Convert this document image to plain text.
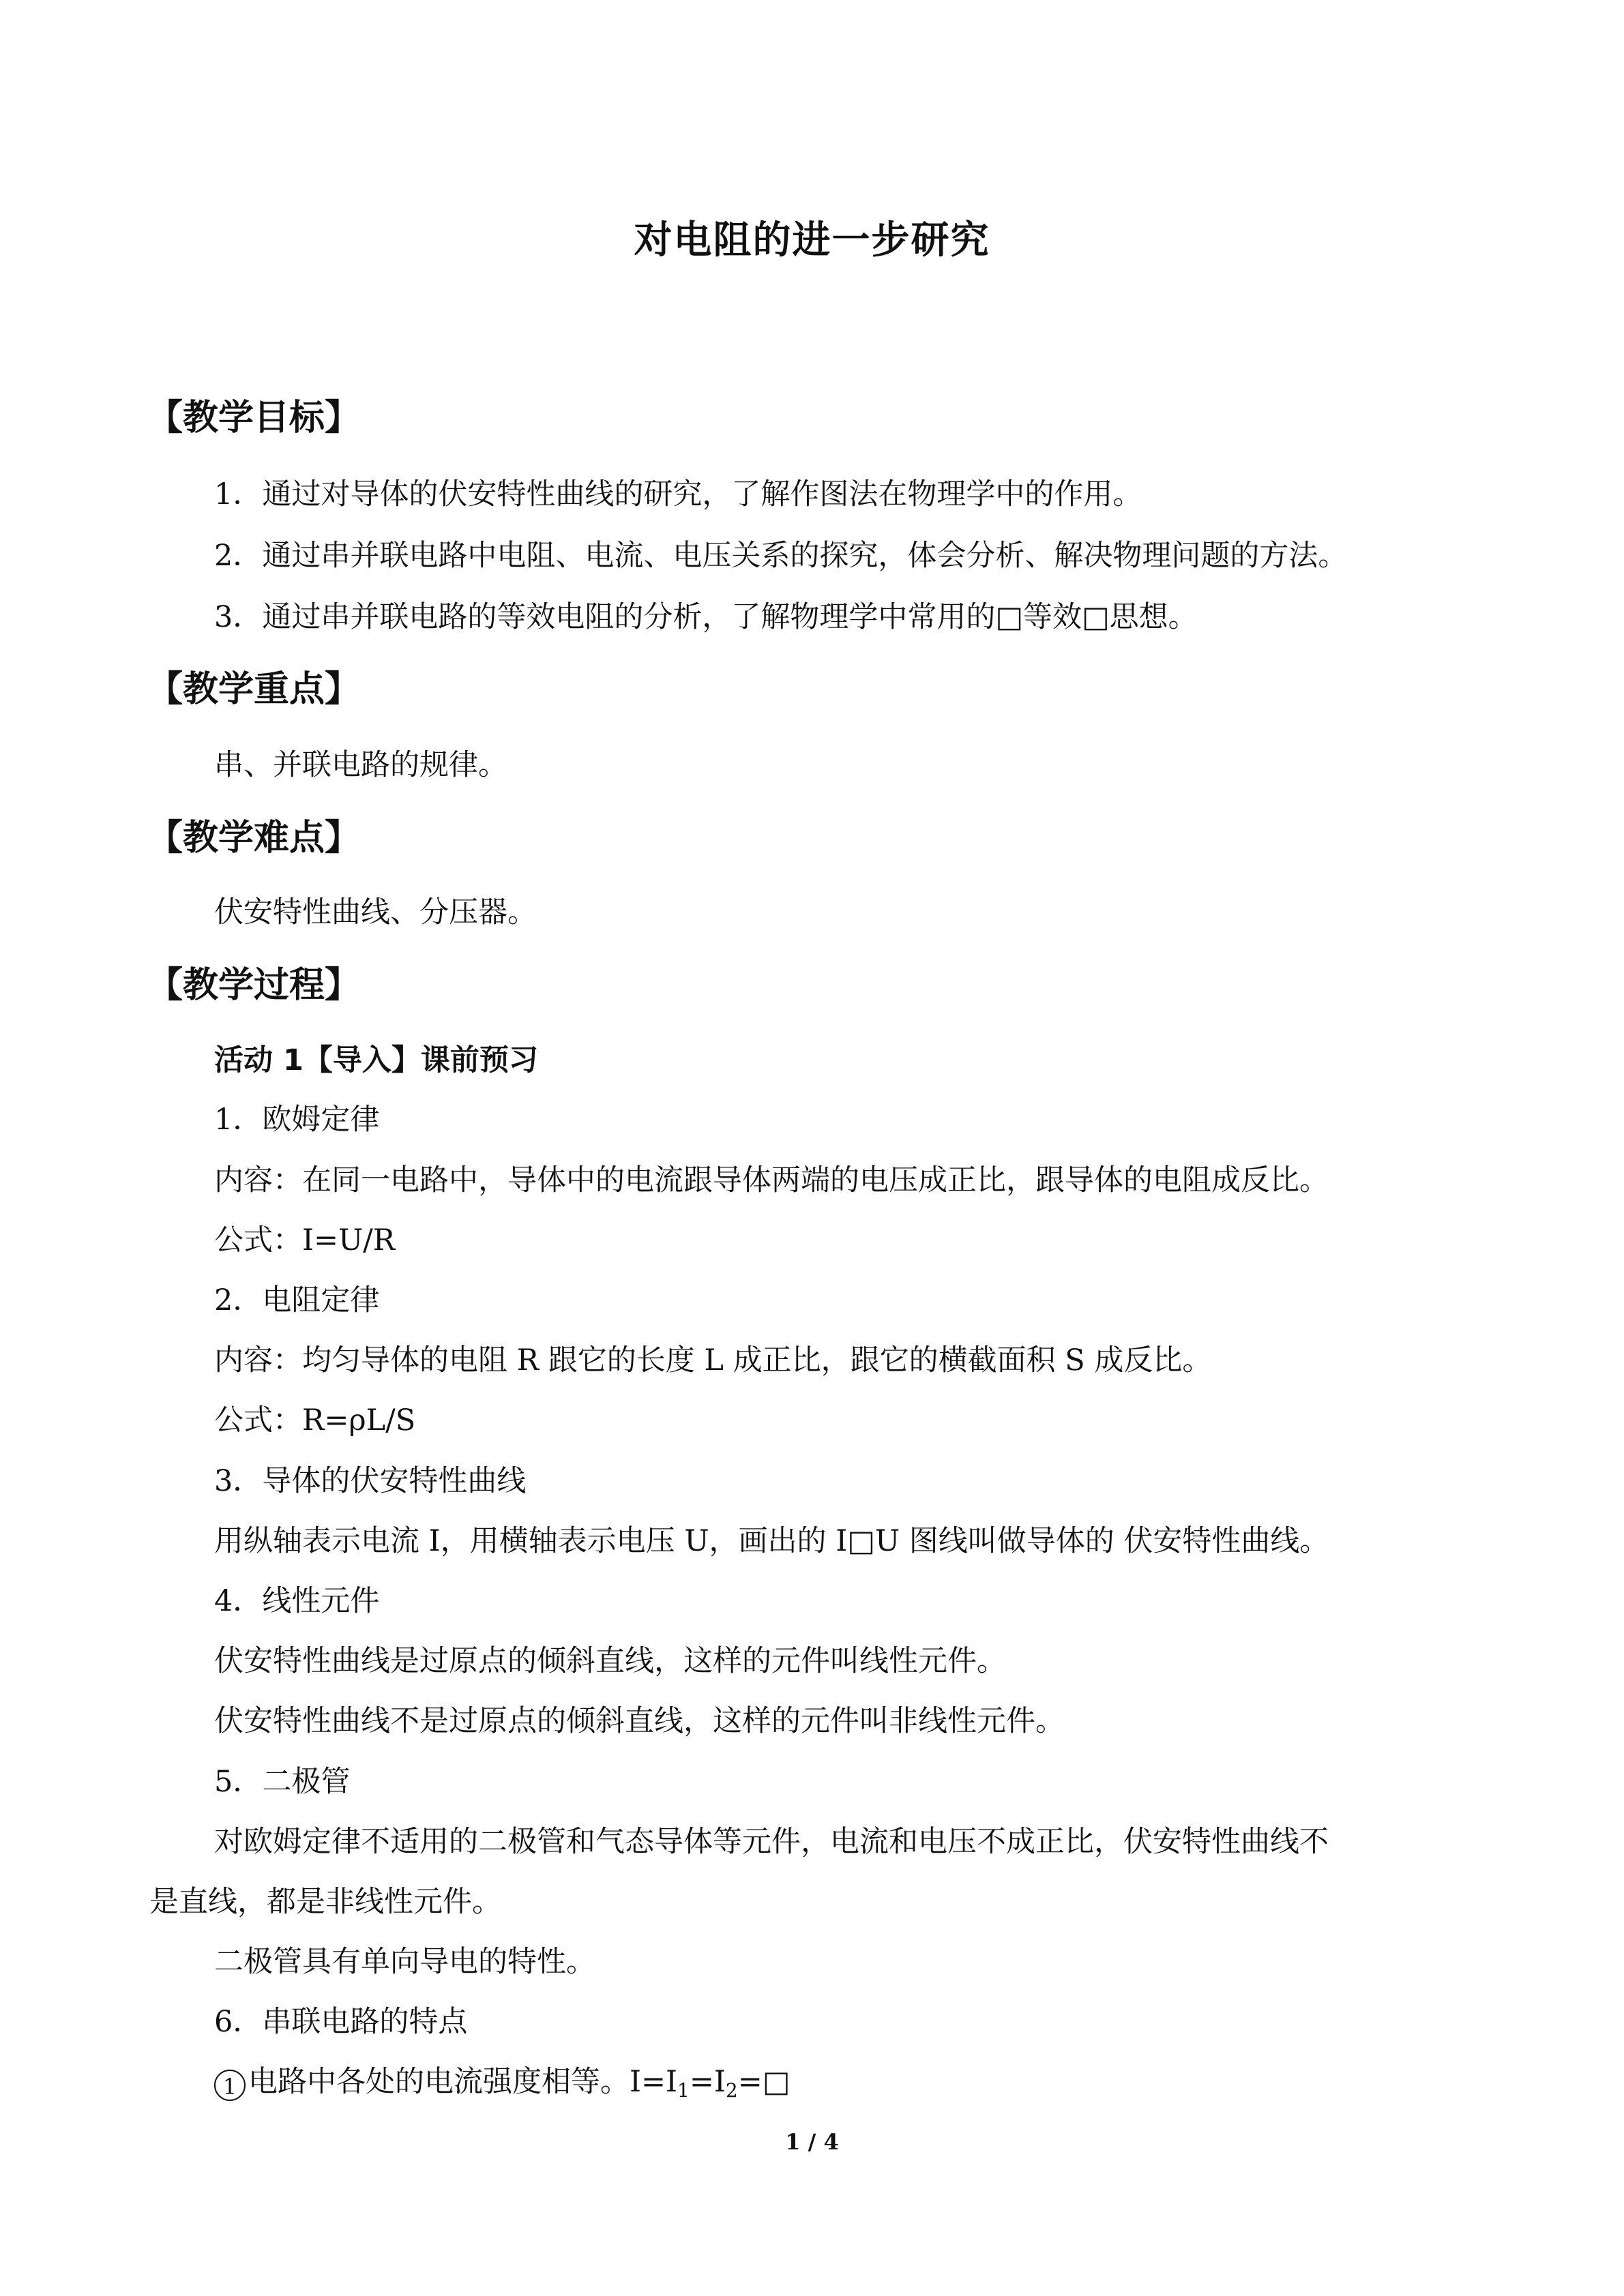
对电阻的进一步研究
【教学目标】
1．通过对导体的伏安特性曲线的研究，了解作图法在物理学中的作用。
2．通过串并联电路中电阻、电流、电压关系的探究，体会分析、解决物理问题的方法。
3．通过串并联电路的等效电阻的分析，了解物理学中常用的□等效□思想。
【教学重点】
串、并联电路的规律。
【教学难点】
伏安特性曲线、分压器。
【教学过程】
活动 1【导入】课前预习
1．欧姆定律
内容：在同一电路中，导体中的电流跟导体两端的电压成正比，跟导体的电阻成反比。
公式：I=U/R
2．电阻定律
内容：均匀导体的电阻 R 跟它的长度 L 成正比，跟它的横截面积 S 成反比。
公式：R=ρL/S
3．导体的伏安特性曲线
用纵轴表示电流 I，用横轴表示电压 U，画出的 I□U 图线叫做导体的 伏安特性曲线。
4．线性元件
伏安特性曲线是过原点的倾斜直线，这样的元件叫线性元件。
伏安特性曲线不是过原点的倾斜直线，这样的元件叫非线性元件。
5．二极管
对欧姆定律不适用的二极管和气态导体等元件，电流和电压不成正比，伏安特性曲线不
是直线，都是非线性元件。
二极管具有单向导电的特性。
6．串联电路的特点
1 电路中各处的电流强度相等。$I=I_1=I_2=□$
1 / 4
